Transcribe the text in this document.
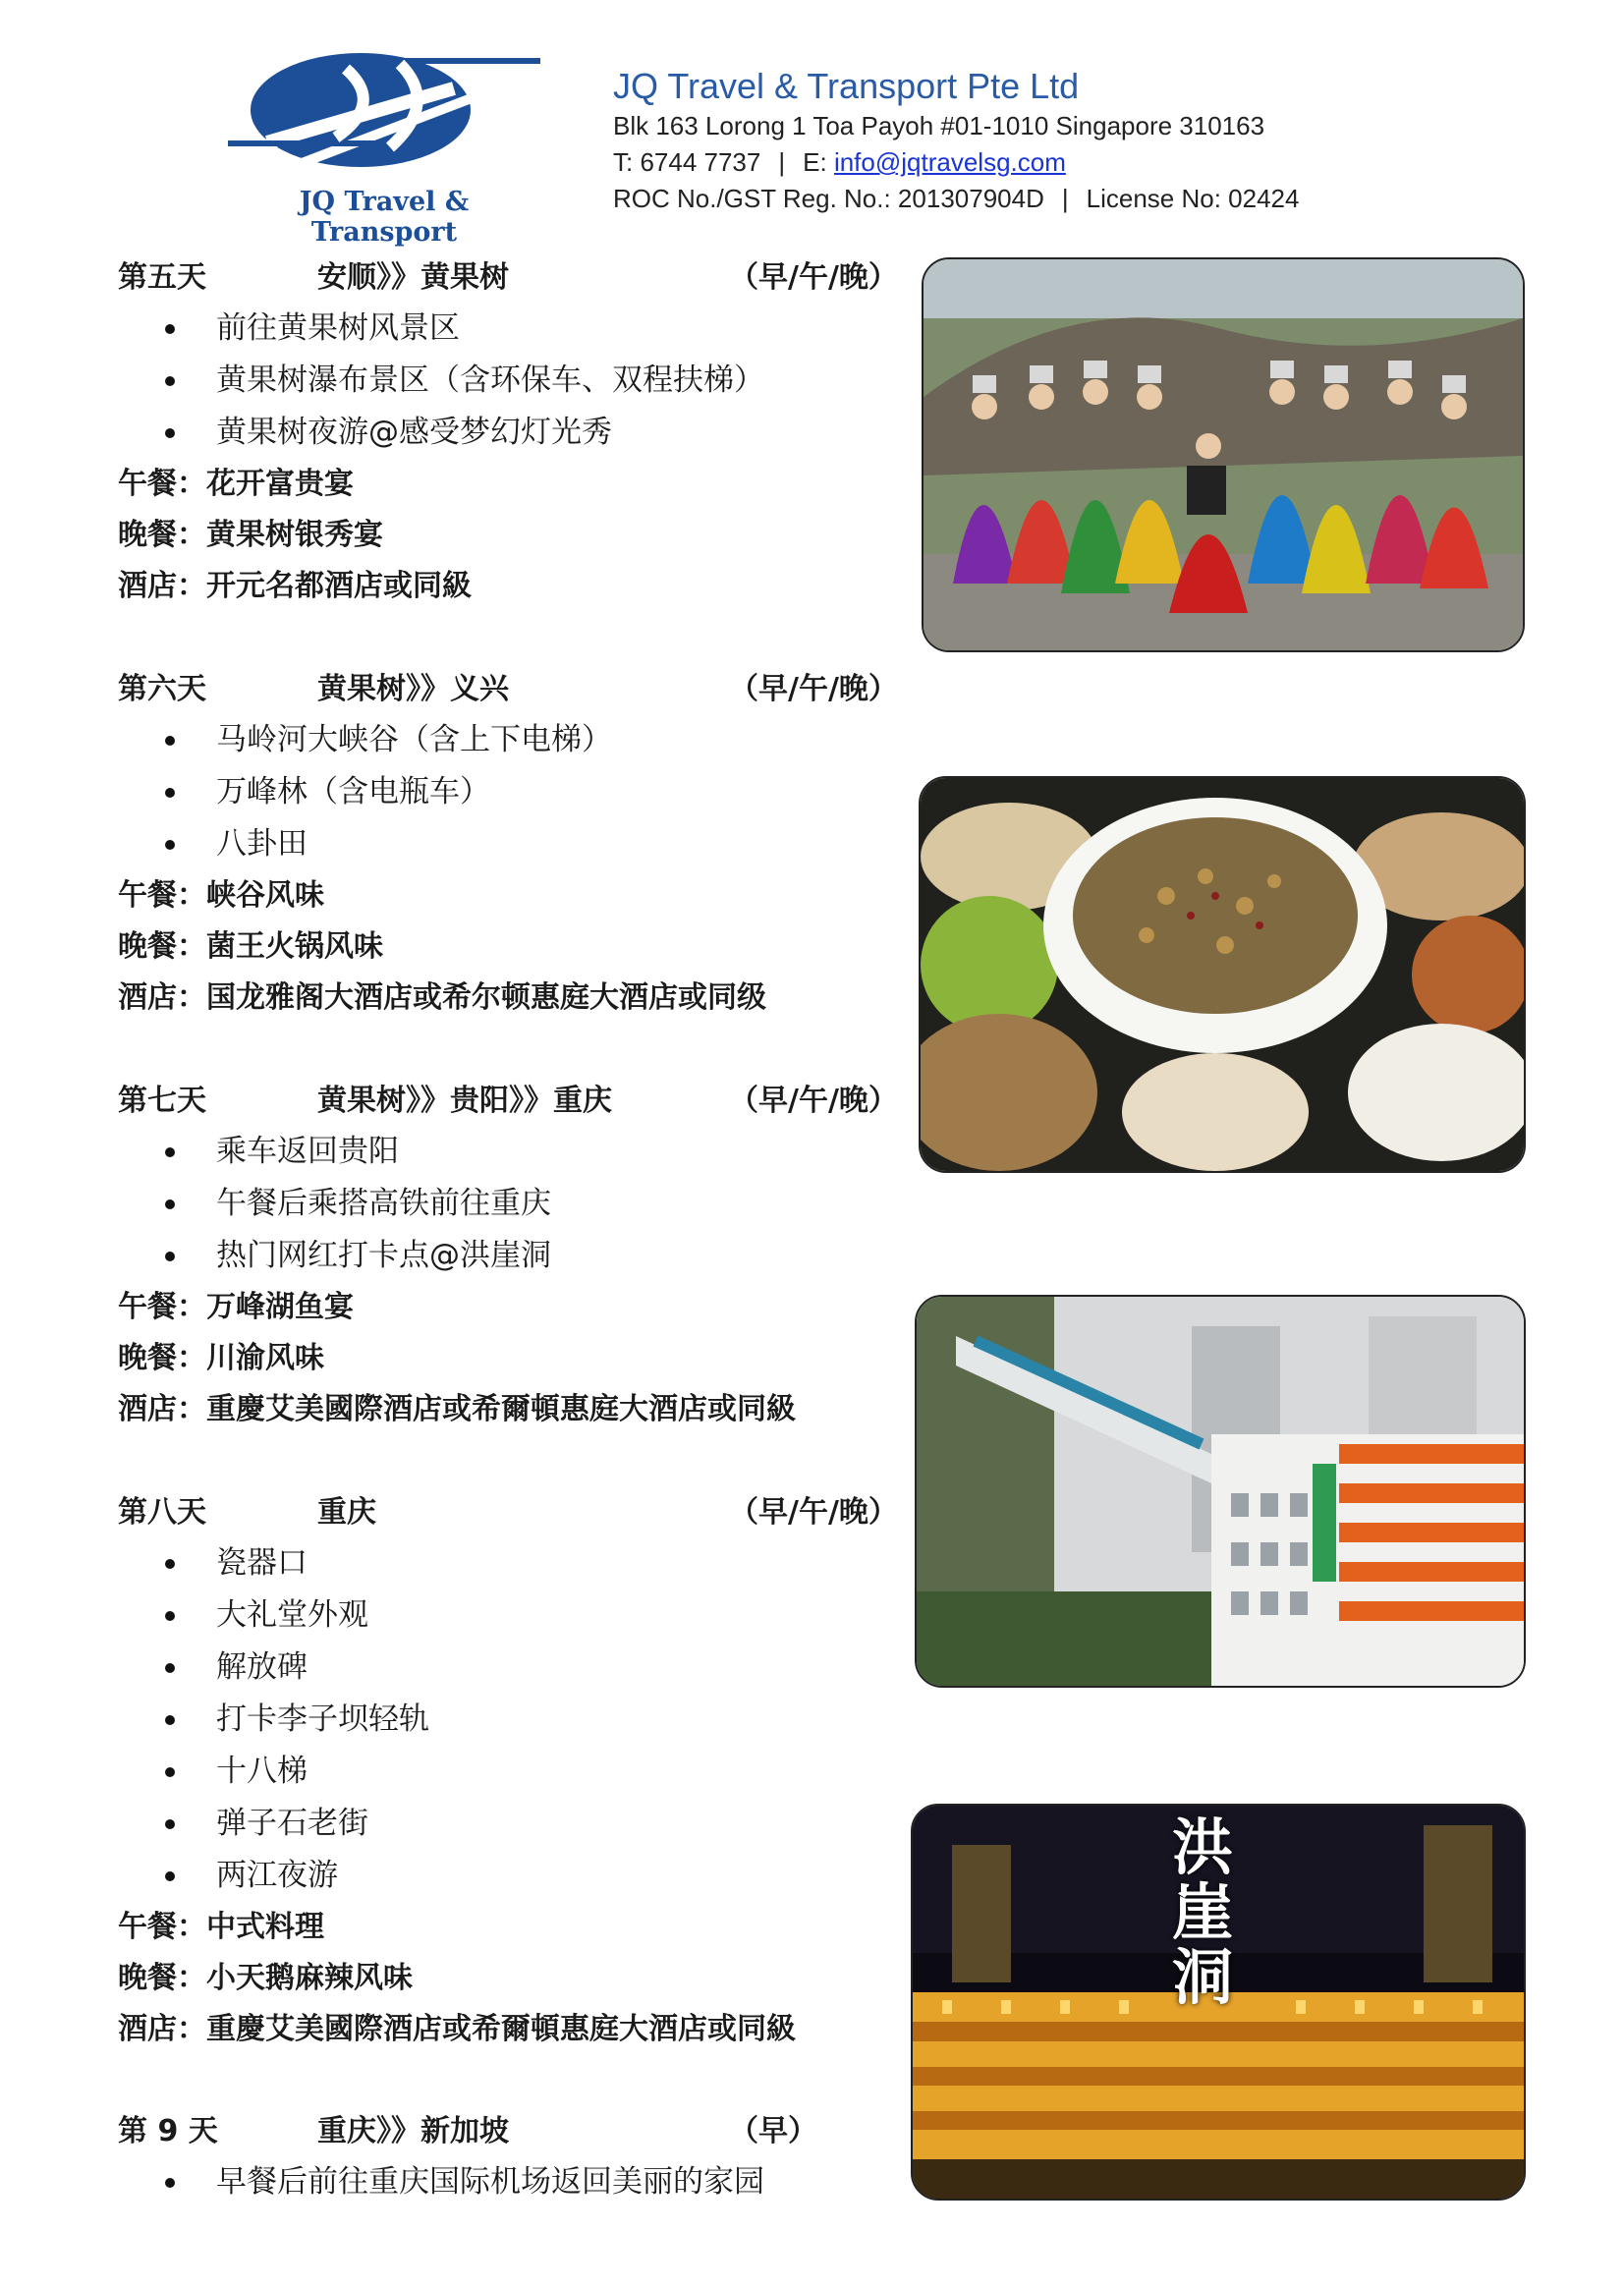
JQ Travel & Transport
JQ Travel & Transport Pte Ltd
Blk 163 Lorong 1 Toa Payoh #01-1010 Singapore 310163
T: 6744 7737 | E: info@jqtravelsg.com
ROC No./GST Reg. No.: 201307904D | License No: 02424
第五天	安顺》》黄果树	（早/午/晚）
前往黄果树风景区
黄果树瀑布景区（含环保车、双程扶梯）
黄果树夜游@感受梦幻灯光秀
午餐：花开富贵宴
晚餐：黄果树银秀宴
酒店：开元名都酒店或同級
第六天	黄果树》》义兴	（早/午/晚）
马岭河大峡谷（含上下电梯）
万峰林（含电瓶车）
八卦田
午餐：峡谷风味
晚餐：菌王火锅风味
酒店：国龙雅阁大酒店或希尔顿惠庭大酒店或同级
第七天	黄果树》》贵阳》》重庆	（早/午/晚）
乘车返回贵阳
午餐后乘搭高铁前往重庆
热门网红打卡点@洪崖洞
午餐：万峰湖鱼宴
晚餐：川渝风味
酒店：重慶艾美國際酒店或希爾頓惠庭大酒店或同級
第八天	重庆	（早/午/晚）
瓷器口
大礼堂外观
解放碑
打卡李子坝轻轨
十八梯
弹子石老街
两江夜游
午餐：中式料理
晚餐：小天鹅麻辣风味
酒店：重慶艾美國際酒店或希爾頓惠庭大酒店或同級
第 9 天	重庆》》新加坡	（早）
早餐后前往重庆国际机场返回美丽的家园
洪崖洞
